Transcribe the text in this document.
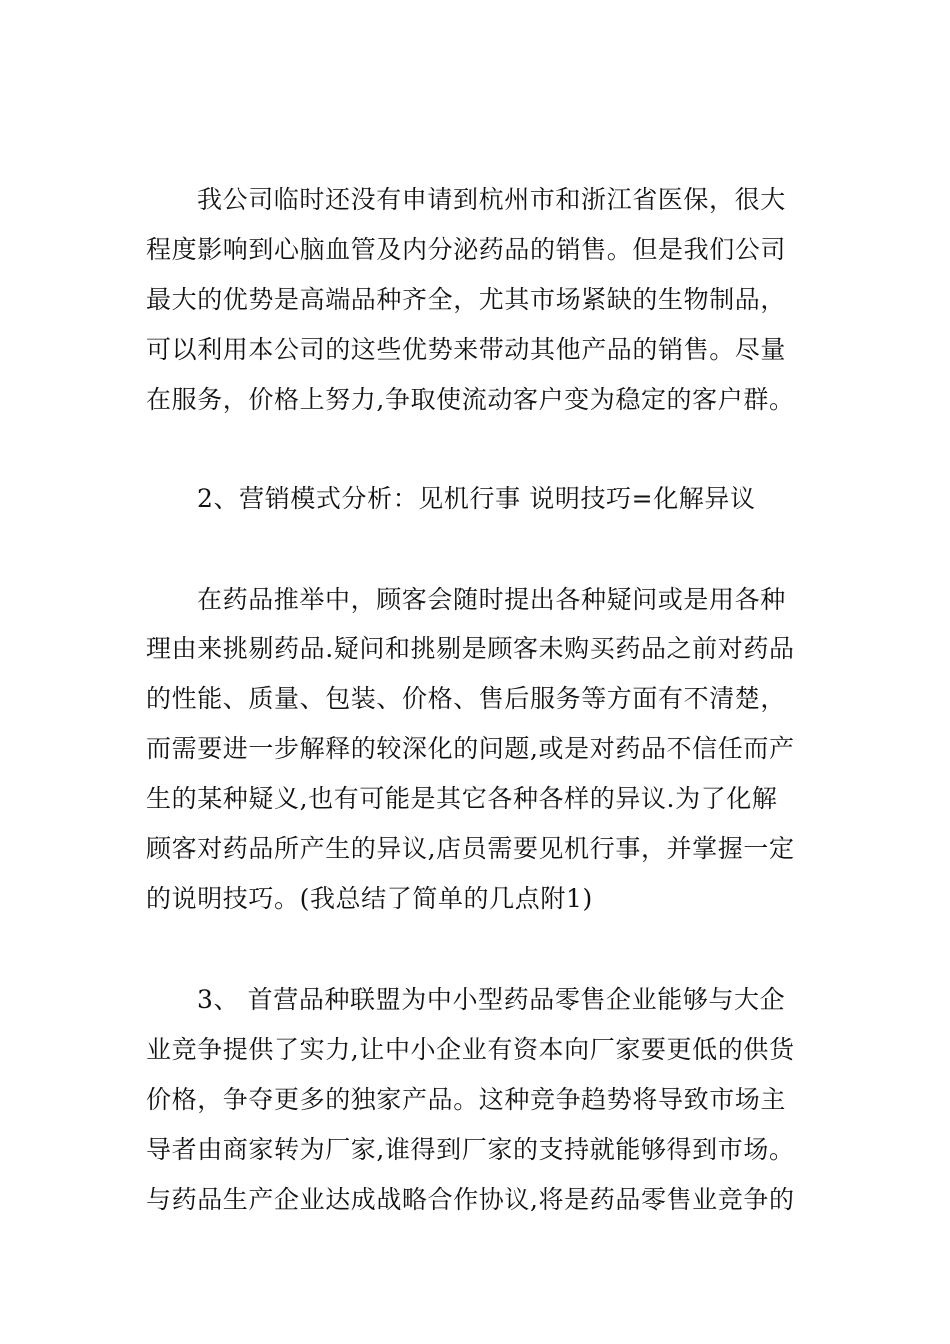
我公司临时还没有申请到杭州市和浙江省医保，很大
程度影响到心脑血管及内分泌药品的销售。但是我们公司
最大的优势是高端品种齐全，尤其市场紧缺的生物制品，
可以利用本公司的这些优势来带动其他产品的销售。尽量
在服务，价格上努力,争取使流动客户变为稳定的客户群。
2、营销模式分析：见机行事 说明技巧=化解异议
在药品推举中，顾客会随时提出各种疑问或是用各种
理由来挑剔药品.疑问和挑剔是顾客未购买药品之前对药品
的性能、质量、包装、价格、售后服务等方面有不清楚，
而需要进一步解释的较深化的问题,或是对药品不信任而产
生的某种疑义,也有可能是其它各种各样的异议.为了化解
顾客对药品所产生的异议,店员需要见机行事，并掌握一定
的说明技巧。(我总结了简单的几点附1)
3、 首营品种联盟为中小型药品零售企业能够与大企
业竞争提供了实力,让中小企业有资本向厂家要更低的供货
价格，争夺更多的独家产品。这种竞争趋势将导致市场主
导者由商家转为厂家,谁得到厂家的支持就能够得到市场。
与药品生产企业达成战略合作协议,将是药品零售业竞争的
